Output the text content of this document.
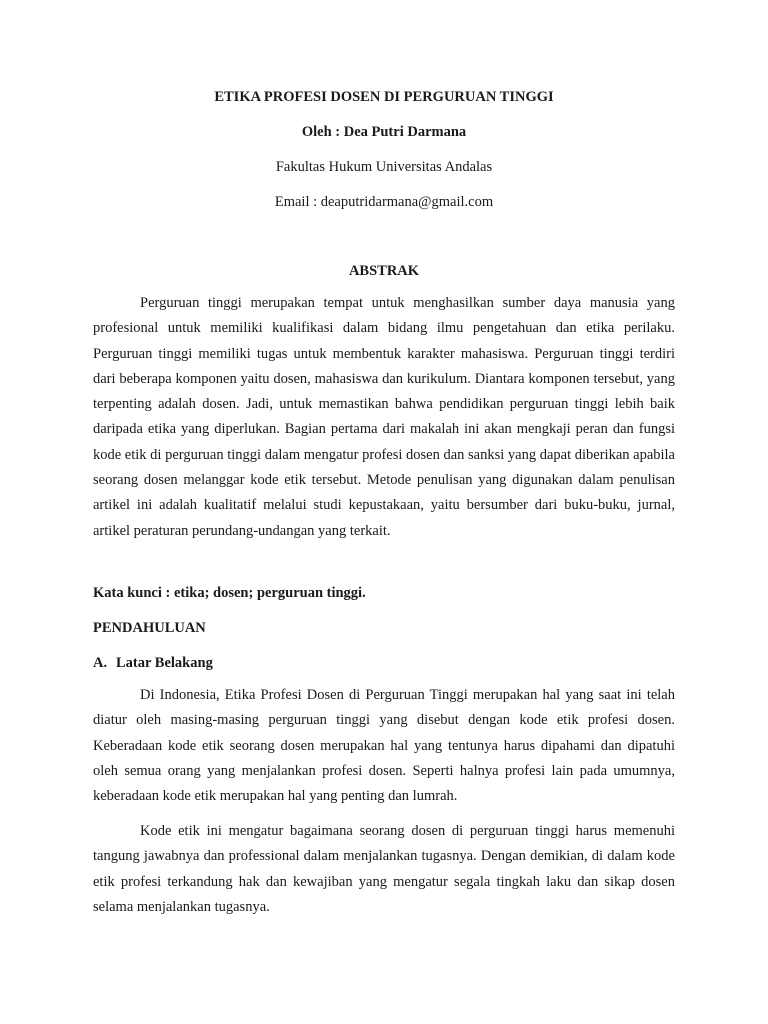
ETIKA PROFESI DOSEN DI PERGURUAN TINGGI
Oleh : Dea Putri Darmana
Fakultas Hukum Universitas Andalas
Email : deaputridarmana@gmail.com
ABSTRAK

Perguruan tinggi merupakan tempat untuk menghasilkan sumber daya manusia yang profesional untuk memiliki kualifikasi dalam bidang ilmu pengetahuan dan etika perilaku. Perguruan tinggi memiliki tugas untuk membentuk karakter mahasiswa. Perguruan tinggi terdiri dari beberapa komponen yaitu dosen, mahasiswa dan kurikulum. Diantara komponen tersebut, yang terpenting adalah dosen. Jadi, untuk memastikan bahwa pendidikan perguruan tinggi lebih baik daripada etika yang diperlukan. Bagian pertama dari makalah ini akan mengkaji peran dan fungsi kode etik di perguruan tinggi dalam mengatur profesi dosen dan sanksi yang dapat diberikan apabila seorang dosen melanggar kode etik tersebut. Metode penulisan yang digunakan dalam penulisan artikel ini adalah kualitatif melalui studi kepustakaan, yaitu bersumber dari buku-buku, jurnal, artikel peraturan perundang-undangan yang terkait.

Kata kunci : etika; dosen; perguruan tinggi.
PENDAHULUAN
A. Latar Belakang

Di Indonesia, Etika Profesi Dosen di Perguruan Tinggi merupakan hal yang saat ini telah diatur oleh masing-masing perguruan tinggi yang disebut dengan kode etik profesi dosen. Keberadaan kode etik seorang dosen merupakan hal yang tentunya harus dipahami dan dipatuhi oleh semua orang yang menjalankan profesi dosen. Seperti halnya profesi lain pada umumnya, keberadaan kode etik merupakan hal yang penting dan lumrah.

Kode etik ini mengatur bagaimana seorang dosen di perguruan tinggi harus memenuhi tangung jawabnya dan professional dalam menjalankan tugasnya. Dengan demikian, di dalam kode etik profesi terkandung hak dan kewajiban yang mengatur segala tingkah laku dan sikap dosen selama menjalankan tugasnya.
